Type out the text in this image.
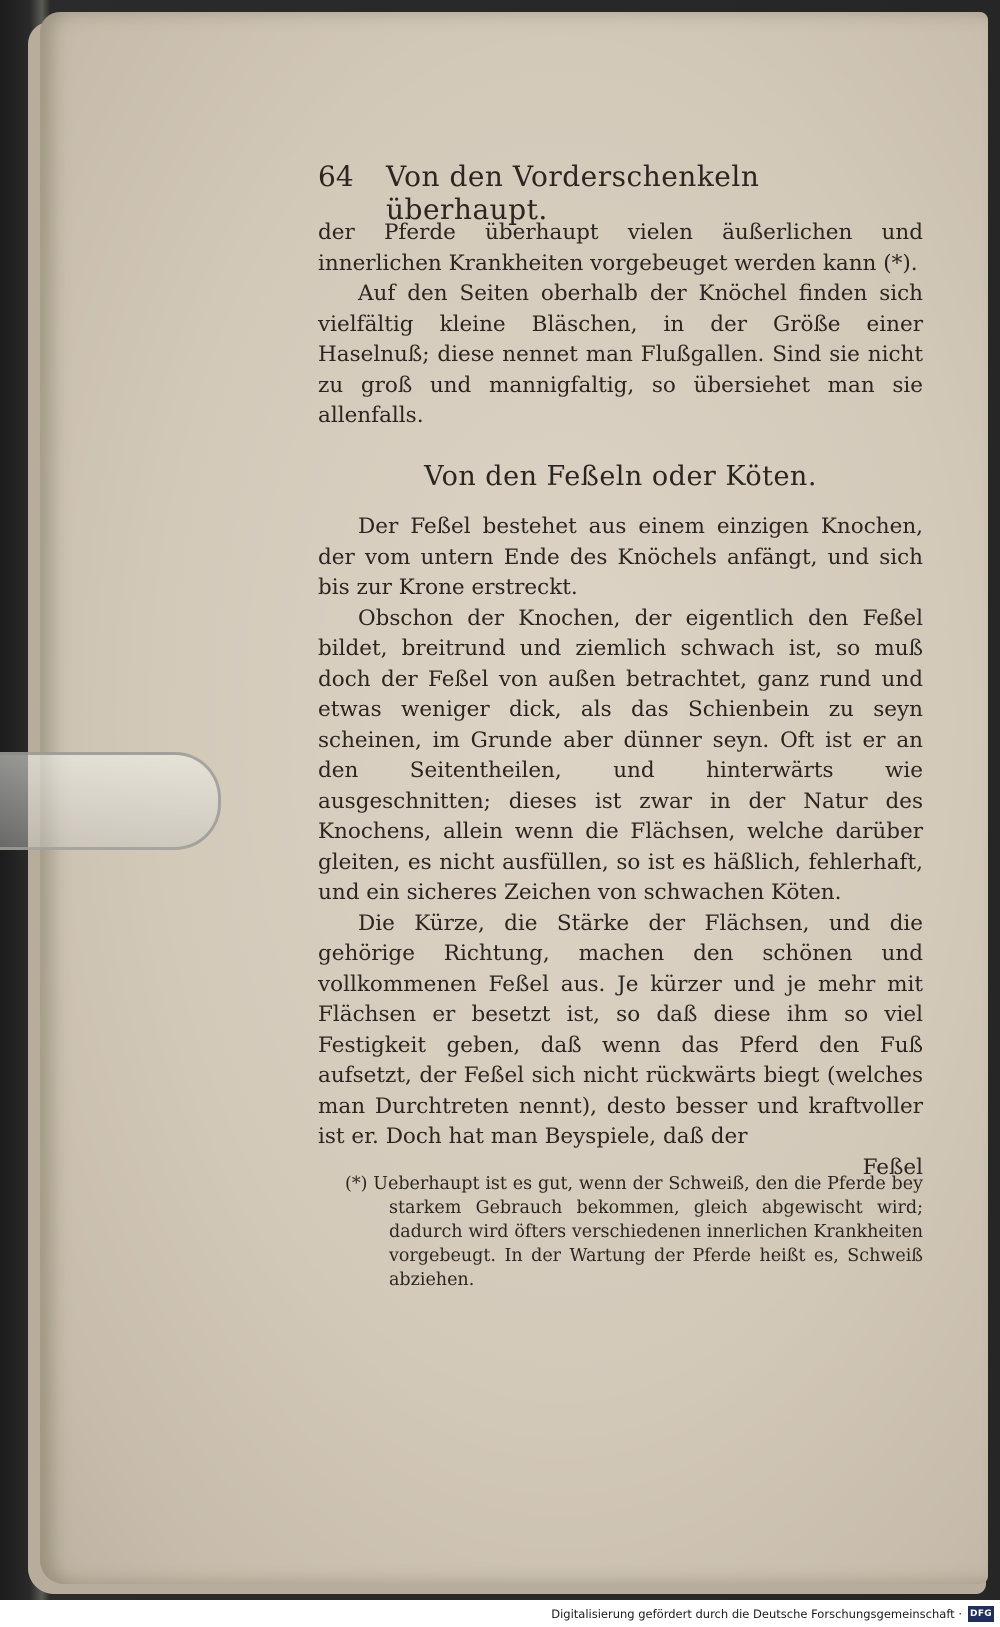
64	Von den Vorderschenkeln überhaupt.

der Pferde überhaupt vielen äußerlichen und innerlichen Krankheiten vorgebeuget werden kann (*).

Auf den Seiten oberhalb der Knöchel finden sich vielfältig kleine Bläschen, in der Größe einer Haselnuß; diese nennet man Flußgallen. Sind sie nicht zu groß und mannigfaltig, so übersiehet man sie allenfalls.

Von den Feßeln oder Köten.

Der Feßel bestehet aus einem einzigen Knochen, der vom untern Ende des Knöchels anfängt, und sich bis zur Krone erstreckt.

Obschon der Knochen, der eigentlich den Feßel bildet, breitrund und ziemlich schwach ist, so muß doch der Feßel von außen betrachtet, ganz rund und etwas weniger dick, als das Schienbein zu seyn scheinen, im Grunde aber dünner seyn. Oft ist er an den Seitentheilen, und hinterwärts wie ausgeschnitten; dieses ist zwar in der Natur des Knochens, allein wenn die Flächsen, welche darüber gleiten, es nicht ausfüllen, so ist es häßlich, fehlerhaft, und ein sicheres Zeichen von schwachen Köten.

Die Kürze, die Stärke der Flächsen, und die gehörige Richtung, machen den schönen und vollkommenen Feßel aus. Je kürzer und je mehr mit Flächsen er besetzt ist, so daß diese ihm so viel Festigkeit geben, daß wenn das Pferd den Fuß aufsetzt, der Feßel sich nicht rückwärts biegt (welches man Durchtreten nennt), desto besser und kraftvoller ist er. Doch hat man Beyspiele, daß der

Feßel

(*) Ueberhaupt ist es gut, wenn der Schweiß, den die Pferde bey starkem Gebrauch bekommen, gleich abgewischt wird; dadurch wird öfters verschiedenen innerlichen Krankheiten vorgebeugt. In der Wartung der Pferde heißt es, Schweiß abziehen.

Digitalisierung gefördert durch die Deutsche Forschungsgemeinschaft · DFG
